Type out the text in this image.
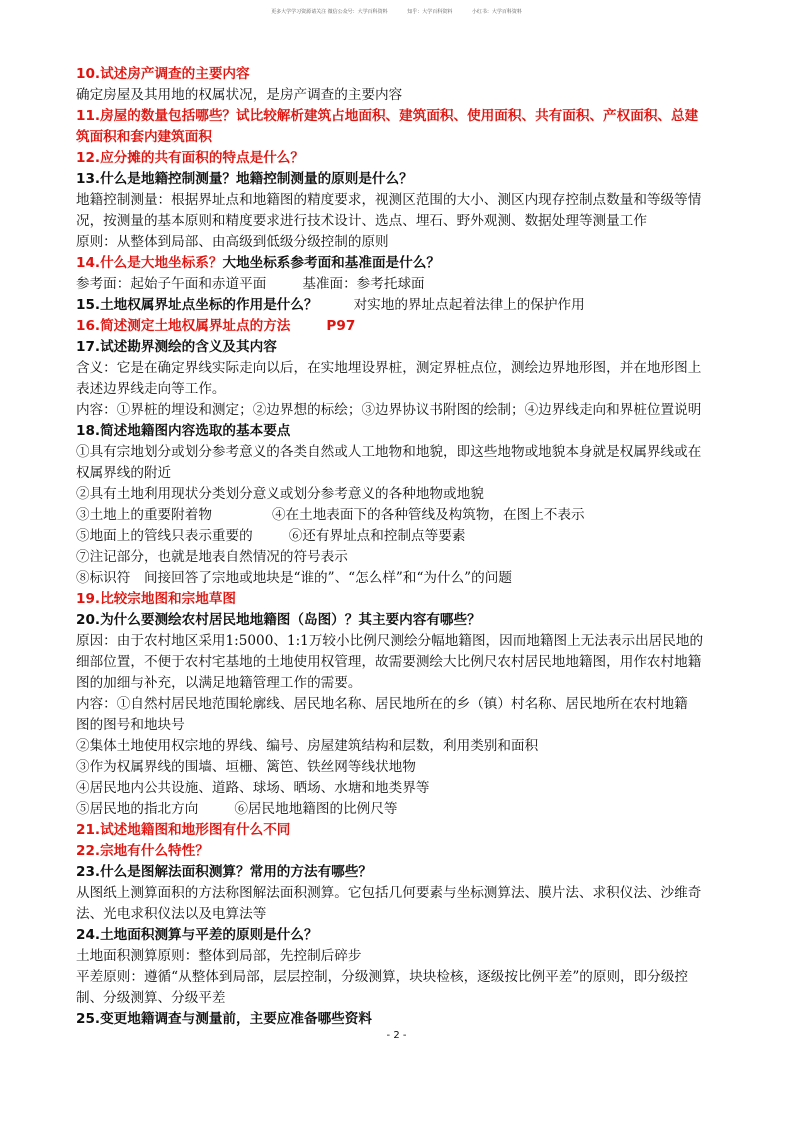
更多大学学习资源请关注 微信公众号：大学百科资料	知乎：大学百科资料	小红书：大学百科资料
10.试述房产调查的主要内容
确定房屋及其用地的权属状况，是房产调查的主要内容
11.房屋的数量包括哪些？试比较解析建筑占地面积、建筑面积、使用面积、共有面积、产权面积、总建
筑面积和套内建筑面积
12.应分摊的共有面积的特点是什么？
13.什么是地籍控制测量？地籍控制测量的原则是什么？
地籍控制测量：根据界址点和地籍图的精度要求，视测区范围的大小、测区内现存控制点数量和等级等情
况，按测量的基本原则和精度要求进行技术设计、选点、埋石、野外观测、数据处理等测量工作
原则：从整体到局部、由高级到低级分级控制的原则
14.什么是大地坐标系？大地坐标系参考面和基准面是什么？
参考面：起始子午面和赤道平面	基准面：参考托球面
15.土地权属界址点坐标的作用是什么？	对实地的界址点起着法律上的保护作用
16.简述测定土地权属界址点的方法	P97
17.试述勘界测绘的含义及其内容
含义：它是在确定界线实际走向以后，在实地埋设界桩，测定界桩点位，测绘边界地形图，并在地形图上
表述边界线走向等工作。
内容：①界桩的埋设和测定；②边界想的标绘；③边界协议书附图的绘制；④边界线走向和界桩位置说明
18.简述地籍图内容选取的基本要点
①具有宗地划分或划分参考意义的各类自然或人工地物和地貌，即这些地物或地貌本身就是权属界线或在
权属界线的附近
②具有土地利用现状分类划分意义或划分参考意义的各种地物或地貌
③土地上的重要附着物	④在土地表面下的各种管线及构筑物，在图上不表示
⑤地面上的管线只表示重要的	⑥还有界址点和控制点等要素
⑦注记部分，也就是地表自然情况的符号表示
⑧标识符　间接回答了宗地或地块是“谁的”、“怎么样”和“为什么”的问题
19.比较宗地图和宗地草图
20.为什么要测绘农村居民地地籍图（岛图）？其主要内容有哪些？
原因：由于农村地区采用1:5000、1:1万较小比例尺测绘分幅地籍图，因而地籍图上无法表示出居民地的
细部位置，不便于农村宅基地的土地使用权管理，故需要测绘大比例尺农村居民地地籍图，用作农村地籍
图的加细与补充，以满足地籍管理工作的需要。
内容：①自然村居民地范围轮廓线、居民地名称、居民地所在的乡（镇）村名称、居民地所在农村地籍
图的图号和地块号
②集体土地使用权宗地的界线、编号、房屋建筑结构和层数，利用类别和面积
③作为权属界线的围墙、垣栅、篱笆、铁丝网等线状地物
④居民地内公共设施、道路、球场、晒场、水塘和地类界等
⑤居民地的指北方向	⑥居民地地籍图的比例尺等
21.试述地籍图和地形图有什么不同
22.宗地有什么特性？
23.什么是图解法面积测算？常用的方法有哪些？
从图纸上测算面积的方法称图解法面积测算。它包括几何要素与坐标测算法、膜片法、求积仪法、沙维奇
法、光电求积仪法以及电算法等
24.土地面积测算与平差的原则是什么？
土地面积测算原则：整体到局部，先控制后碎步
平差原则：遵循“从整体到局部，层层控制，分级测算，块块检核，逐级按比例平差”的原则，即分级控
制、分级测算、分级平差
25.变更地籍调查与测量前，主要应准备哪些资料
- 2 -
